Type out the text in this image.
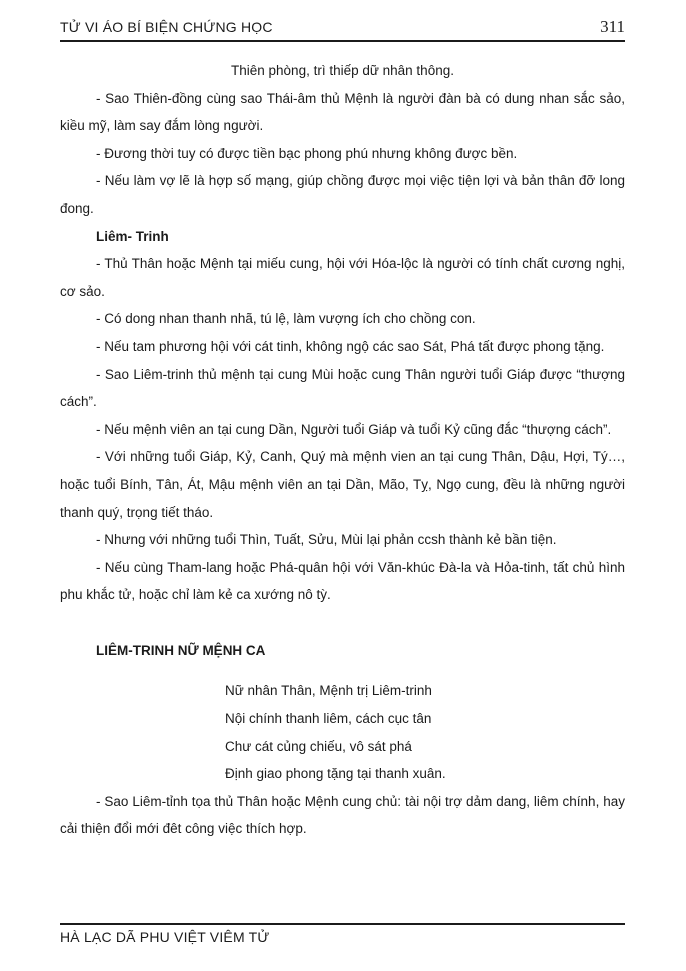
TỬ VI ÁO BÍ BIỆN CHỨNG HỌC	311

Thiên phòng, trì thiếp dữ nhân thông.

- Sao Thiên-đồng cùng sao Thái-âm thủ Mệnh là người đàn bà có dung nhan sắc sảo, kiều mỹ, làm say đắm lòng người.

- Đương thời tuy có được tiền bạc phong phú nhưng không được bền.

- Nếu làm vợ lẽ là hợp số mạng, giúp chồng được mọi việc tiện lợi và bản thân đỡ long đong.

Liêm- Trinh

- Thủ Thân hoặc Mệnh tại miếu cung, hội với Hóa-lộc là người có tính chất cương nghị, cơ sảo.

- Có dong nhan thanh nhã, tú lệ, làm vượng ích cho chồng con.

- Nếu tam phương hội với cát tinh, không ngộ các sao Sát, Phá tất được phong tặng.

- Sao Liêm-trinh thủ mệnh tại cung Mùi hoặc cung Thân người tuổi Giáp được “thượng cách”.

- Nếu mệnh viên an tại cung Dần, Người tuổi Giáp và tuổi Kỷ cũng đắc “thượng cách”.

- Với những tuổi Giáp, Kỷ, Canh, Quý mà mệnh vien an tại cung Thân, Dậu, Hợi, Tý…, hoặc tuổi Bính, Tân, Át, Mậu mệnh viên an tại Dần, Mão, Tỵ, Ngọ cung, đều là những người thanh quý, trọng tiết tháo.

- Nhưng với những tuổi Thìn, Tuất, Sửu, Mùi lại phản ccsh thành kẻ bần tiện.

- Nếu cùng Tham-lang hoặc Phá-quân hội với Văn-khúc Đà-la và Hỏa-tinh, tất chủ hình phu khắc tử, hoặc chỉ làm kẻ ca xướng nô tỳ.

LIÊM-TRINH NỮ MỆNH CA

Nữ nhân Thân, Mệnh trị Liêm-trinh

Nội chính thanh liêm, cách cục tân

Chư cát củng chiếu, vô sát phá

Định giao phong tặng tại thanh xuân.

- Sao Liêm-tỉnh tọa thủ Thân hoặc Mệnh cung chủ: tài nội trợ dảm dang, liêm chính, hay cải thiện đổi mới đêt công việc thích hợp.

HÀ LẠC DÃ PHU VIỆT VIÊM TỬ
